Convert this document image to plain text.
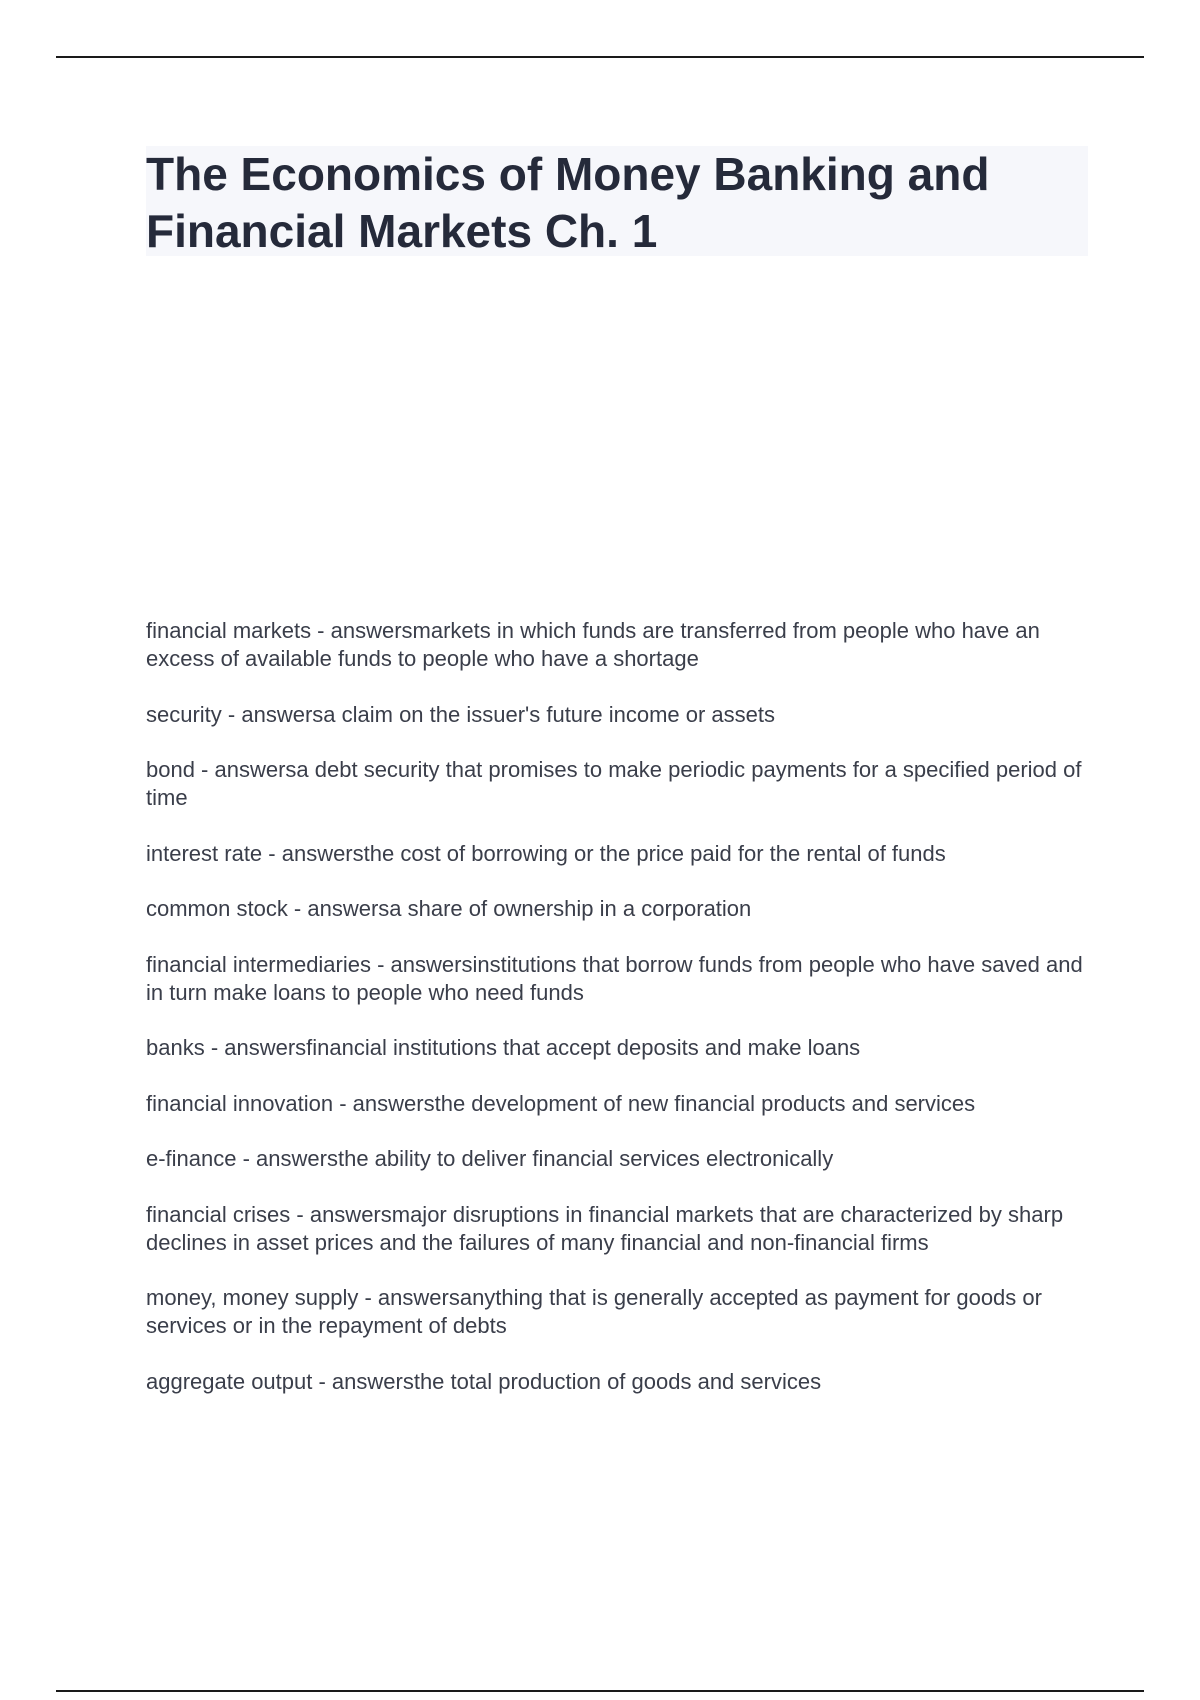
The Economics of Money Banking and Financial Markets Ch. 1

financial markets - answersmarkets in which funds are transferred from people who have an excess of available funds to people who have a shortage

security - answersa claim on the issuer's future income or assets

bond - answersa debt security that promises to make periodic payments for a specified period of time

interest rate - answersthe cost of borrowing or the price paid for the rental of funds

common stock - answersa share of ownership in a corporation

financial intermediaries - answersinstitutions that borrow funds from people who have saved and in turn make loans to people who need funds

banks - answersfinancial institutions that accept deposits and make loans

financial innovation - answersthe development of new financial products and services

e-finance - answersthe ability to deliver financial services electronically

financial crises - answersmajor disruptions in financial markets that are characterized by sharp declines in asset prices and the failures of many financial and non-financial firms

money, money supply - answersanything that is generally accepted as payment for goods or services or in the repayment of debts

aggregate output - answersthe total production of goods and services
